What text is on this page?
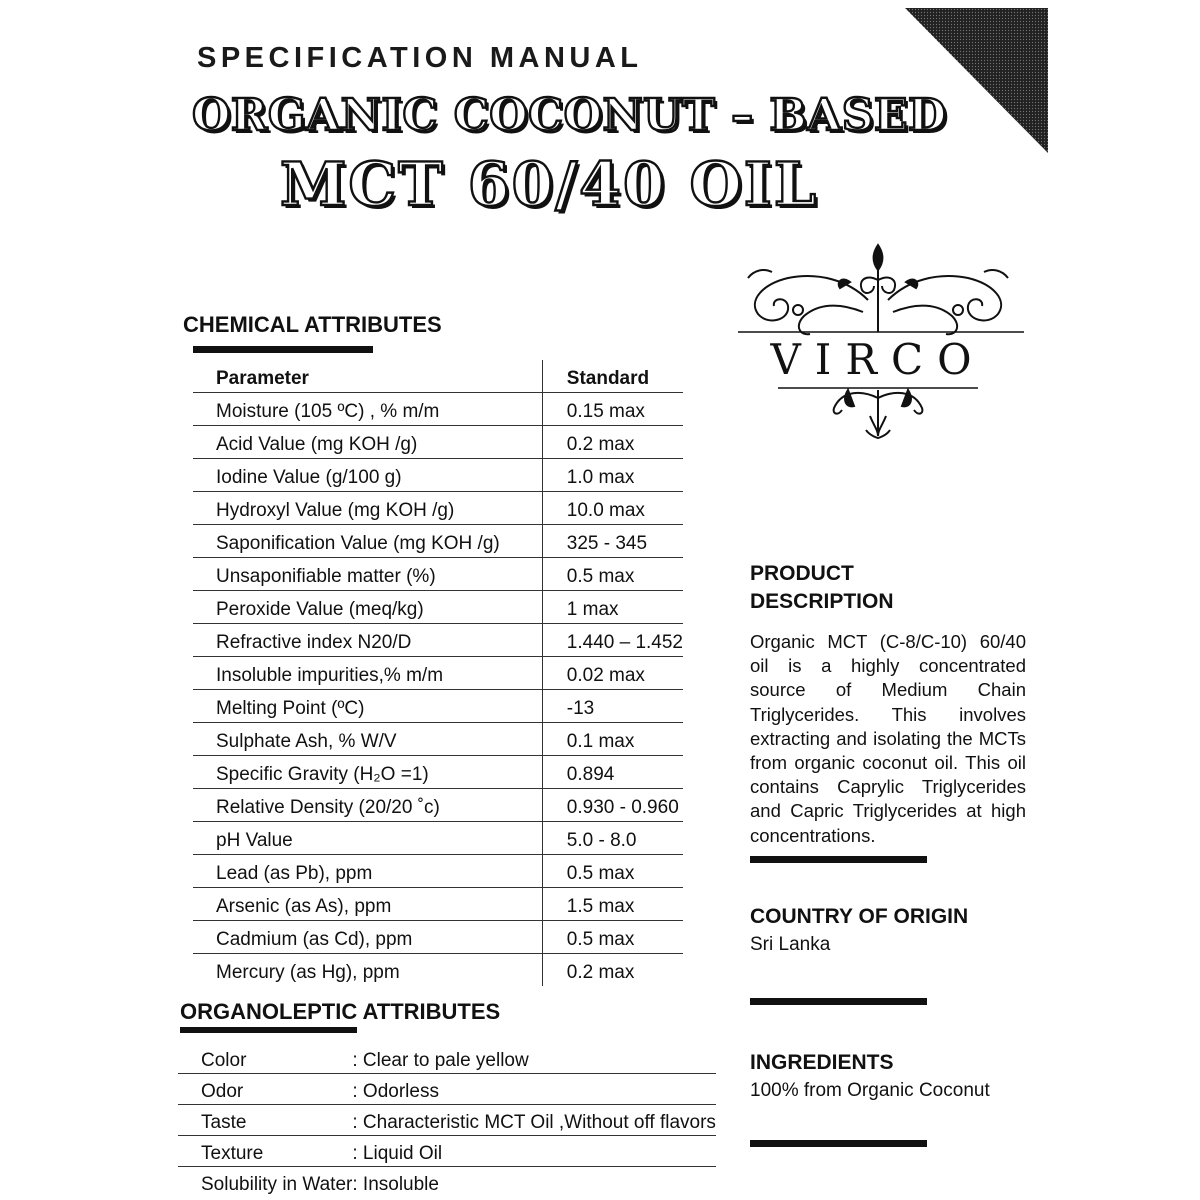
SPECIFICATION MANUAL
ORGANIC COCONUT – BASED
MCT 60/40 OIL
VIRCO
CHEMICAL ATTRIBUTES
Parameter	Standard
Moisture (105 ºC) , % m/m	0.15 max
Acid Value (mg KOH /g)	0.2 max
Iodine Value (g/100 g)	1.0 max
Hydroxyl Value (mg KOH /g)	10.0 max
Saponification Value (mg KOH /g)	325 - 345
Unsaponifiable matter (%)	0.5 max
Peroxide Value (meq/kg)	1 max
Refractive index N20/D	1.440 – 1.452
Insoluble impurities,% m/m	0.02 max
Melting Point (ºC)	-13
Sulphate Ash, % W/V	0.1 max
Specific Gravity (H₂O =1)	0.894
Relative Density (20/20 ˚c)	0.930 - 0.960
pH Value	5.0 - 8.0
Lead (as Pb), ppm	0.5 max
Arsenic (as As), ppm	1.5 max
Cadmium (as Cd), ppm	0.5 max
Mercury (as Hg), ppm	0.2 max
ORGANOLEPTIC ATTRIBUTES
Color	: Clear to pale yellow
Odor	: Odorless
Taste	: Characteristic MCT Oil ,Without off flavors
Texture	: Liquid Oil
Solubility in Water	: Insoluble
PRODUCT
DESCRIPTION
Organic MCT (C-8/C-10) 60/40 oil is a highly concentrated source of Medium Chain Triglycerides. This involves extracting and isolating the MCTs from organic coconut oil. This oil contains Caprylic Triglycerides and Capric Triglycerides at high concentrations.
COUNTRY OF ORIGIN
Sri Lanka
INGREDIENTS
100% from Organic Coconut
